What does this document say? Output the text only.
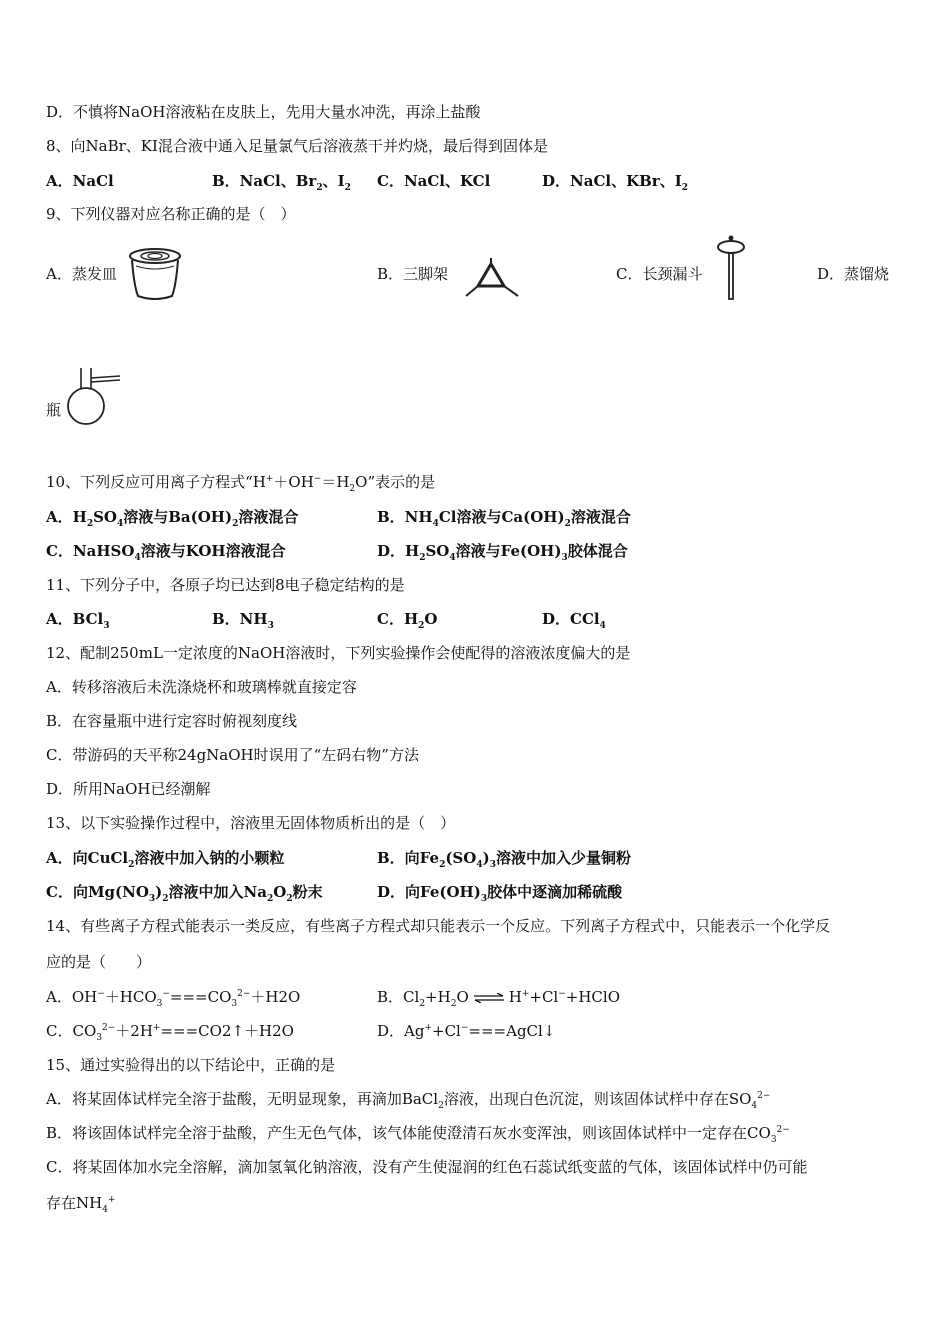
D．不慎将NaOH溶液粘在皮肤上，先用大量水冲洗，再涂上盐酸
8、向NaBr、KI混合液中通入足量氯气后溶液蒸干并灼烧，最后得到固体是
A．NaCl	B．NaCl、$Br_2$、$I_2$ C．NaCl、KCl	D．NaCl、KBr、$I_2$
9、下列仪器对应名称正确的是（　）
A．蒸发皿	B．三脚架	C．长颈漏斗	D．蒸馏烧
瓶
10、下列反应可用离子方程式“$H^++OH^-=H_2O$”表示的是
A．$H_2SO_4$溶液与$Ba(OH)_2$溶液混合	B．$NH_4Cl$溶液与$Ca(OH)_2$溶液混合
C．NaHSO$_4$溶液与KOH溶液混合	D．$H_2SO_4$溶液与$Fe(OH)_3$胶体混合
11、下列分子中，各原子均已达到8电子稳定结构的是
A．BCl$_3$	B．$NH_3$	C．$H_2O$	D．CCl$_4$
12、配制250mL一定浓度的NaOH溶液时，下列实验操作会使配得的溶液浓度偏大的是
A．转移溶液后未洗涤烧杯和玻璃棒就直接定容
B．在容量瓶中进行定容时俯视刻度线
C．带游码的天平称24gNaOH时误用了“左码右物”方法
D．所用NaOH已经潮解
13、以下实验操作过程中，溶液里无固体物质析出的是（　）
A．向CuCl$_2$溶液中加入钠的小颗粒	B．向$Fe_2(SO_4)_3$溶液中加入少量铜粉
C．向$Mg(NO_3)_2$溶液中加入$Na_2O_2$粉末	D．向$Fe(OH)_3$胶体中逐滴加稀硫酸
14、有些离子方程式能表示一类反应，有些离子方程式却只能表示一个反应。下列离子方程式中，只能表示一个化学反
应的是（　　）
A．$OH^-+HCO_3^-===CO_3^{2-}+H2O$	B．$Cl_2+H_2O$ ⇌ H++Cl−+HClO
C．$CO_3^{2-}+2H^+===CO2↑+H2O$	D．Ag++Cl−===AgCl↓
15、通过实验得出的以下结论中，正确的是
A．将某固体试样完全溶于盐酸，无明显现象，再滴加BaCl$_2$溶液，出现白色沉淀，则该固体试样中存在$SO_4^{2-}$
B．将该固体试样完全溶于盐酸，产生无色气体，该气体能使澄清石灰水变浑浊，则该固体试样中一定存在$CO_3^{2-}$
C．将某固体加水完全溶解，滴加氢氧化钠溶液，没有产生使湿润的红色石蕊试纸变蓝的气体，该固体试样中仍可能
存在$NH_4^+$
